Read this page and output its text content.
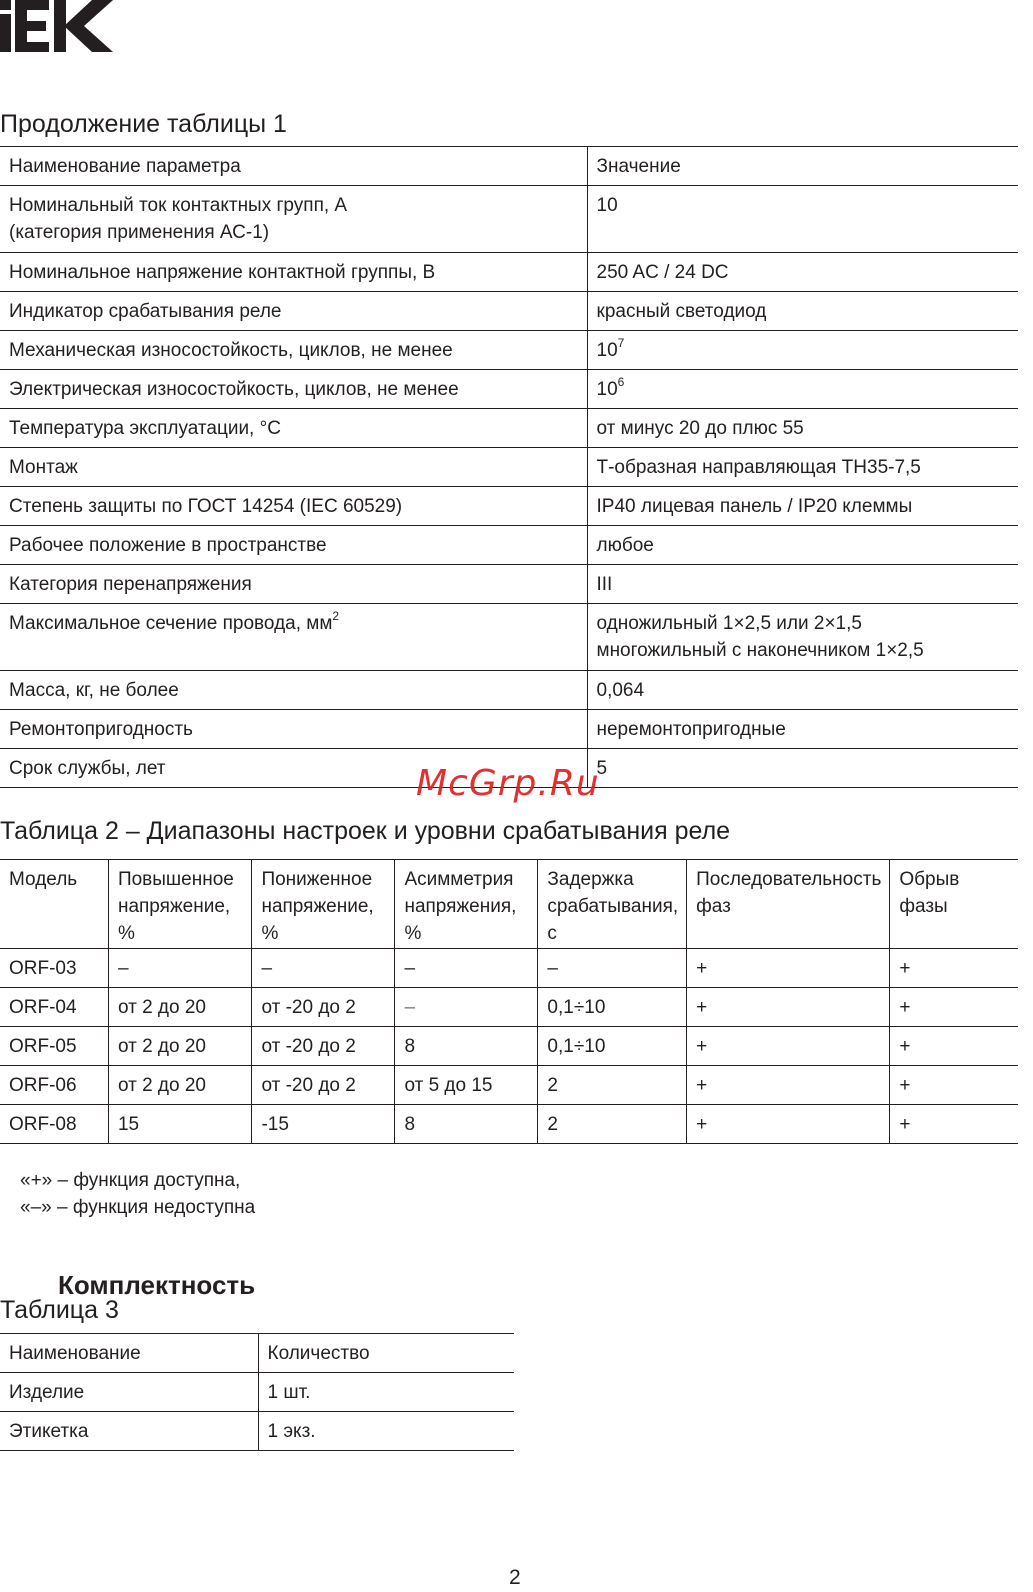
Продолжение таблицы 1
Наименование параметра	Значение

Номинальный ток контактных групп, А
(категория применения АС-1)	10
Номинальное напряжение контактной группы, В	250 AC / 24 DC
Индикатор срабатывания реле	красный светодиод
Механическая износостойкость, циклов, не менее	$10^7$
Электрическая износостойкость, циклов, не менее	$10^6$
Температура эксплуатации, °С	от минус 20 до плюс 55
Монтаж	Т-образная направляющая ТН35-7,5
Степень защиты по ГОСТ 14254 (IEC 60529)	IP40 лицевая панель / IP20 клеммы
Рабочее положение в пространстве	любое
Категория перенапряжения	III
Максимальное сечение провода, $мм^2$	одножильный 1×2,5 или 2×1,5
многожильный с наконечником 1×2,5

Масса, кг, не более	0,064
Ремонтопригодность	неремонтопригодные
Срок службы, лет	5
Таблица 2 – Диапазоны настроек и уровни срабатывания реле
Модель	Повышенное напряжение, %	Пониженное напряжение, %	Асимметрия напряжения, %	Задержка срабатывания, с	Последовательность фаз	Обрыв фазы
ORF-03	–	–	–	–	+	+
ORF-04	от 2 до 20	от -20 до 2	–	0,1÷10	+	+
ORF-05	от 2 до 20	от -20 до 2	8	0,1÷10	+	+
ORF-06	от 2 до 20	от -20 до 2	от 5 до 15	2	+	+
ORF-08	15	-15	8	2	+	+
«+» – функция доступна,
«–» – функция недоступна
Комплектность
Таблица 3
Наименование	Количество
Изделие	1 шт.
Этикетка	1 экз.
McGrp.Ru
2
